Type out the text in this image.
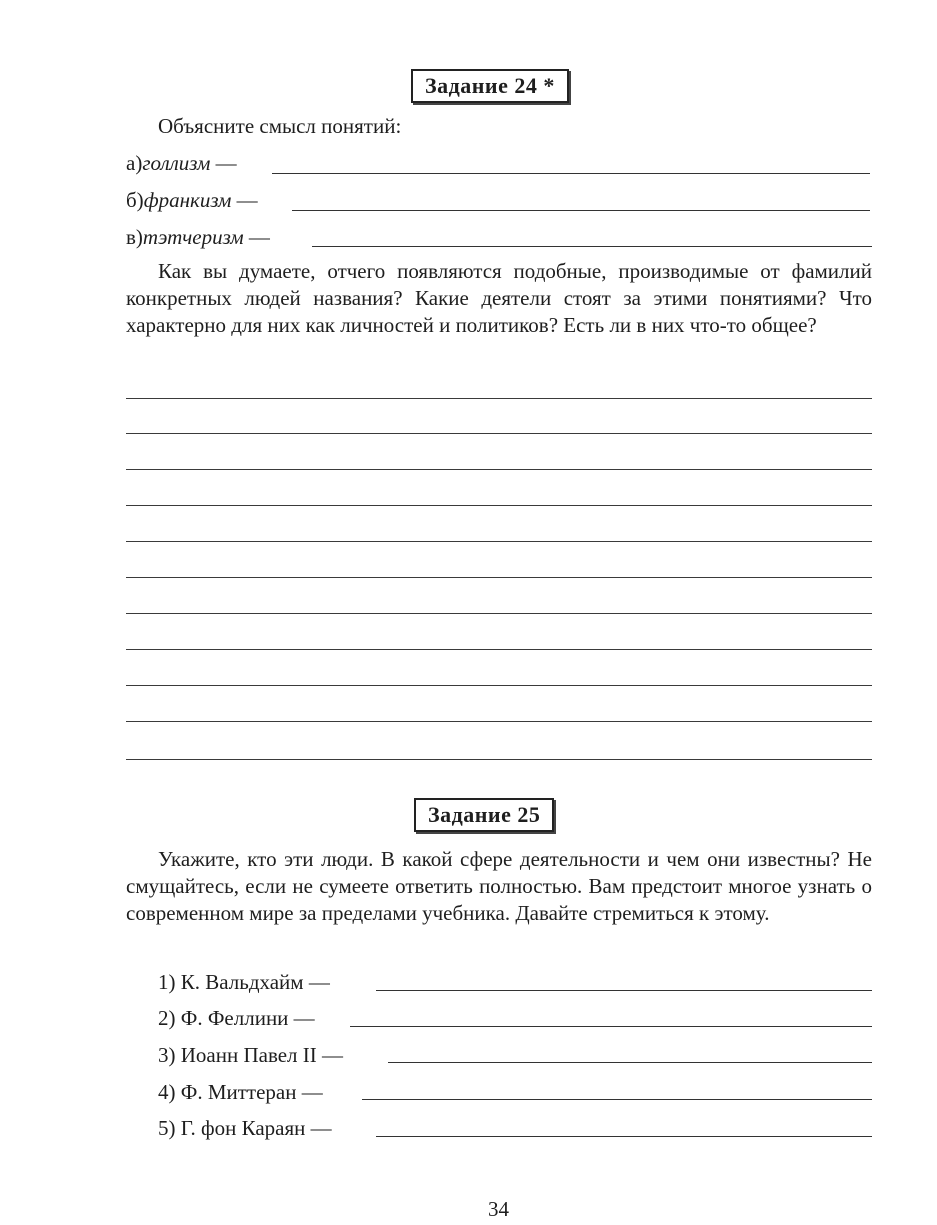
Задание 24 *

Объясните смысл понятий:

а)голлизм —
б)франкизм —
в)тэтчеризм —

Как вы думаете, отчего появляются подобные, производимые от фамилий конкретных людей названия? Какие деятели стоят за этими понятиями? Что характерно для них как личностей и политиков? Есть ли в них что-то общее?

Задание 25

Укажите, кто эти люди. В какой сфере деятельности и чем они известны? Не смущайтесь, если не сумеете ответить полностью. Вам предстоит многое узнать о современном мире за пределами учебника. Давайте стремиться к этому.

1) К. Вальдхайм —
2) Ф. Феллини —
3) Иоанн Павел II —
4) Ф. Миттеран —
5) Г. фон Караян —
34
